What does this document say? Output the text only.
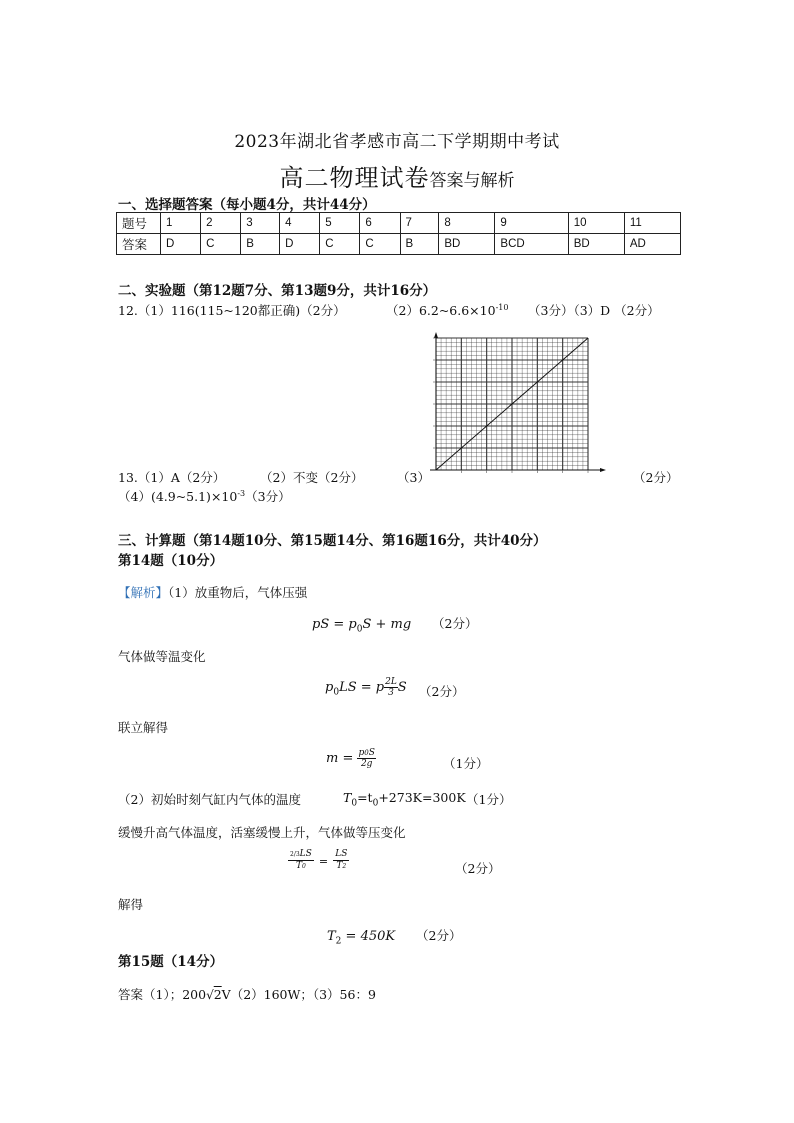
2023年湖北省孝感市高二下学期期中考试
高二物理试卷答案与解析
一、选择题答案（每小题4分，共计44分）
题号	1	2	3	4	5	6	7	8	9	10	11
答案	D	C	B	D	C	C	B	BD	BCD	BD	AD
二、实验题（第12题7分、第13题9分，共计16分）
12.（1）116(115~120都正确)（2分）	$(2)6.2\sim 6.6\times 10^{-10}$ （3分）（3）D （2分）
13.（1）A（2分）	（2）不变（2分）	（3）	（2分）
$(4)(4.9\sim 5.1)\times 10^{-3}(3$分）
三、计算题（第14题10分、第15题14分、第16题16分，共计40分）
第14题（10分）
【解析】（1）放重物后，气体压强
pS = $p_0S$ + mg （2分）
气体做等温变化
$p_0LS = p \frac{2L}{3}$ S （2分）
联立解得
$m = \frac{p0S}{2g}$	（1分）
（2）初始时刻气缸内气体的温度	$T_0=t_0+273K=300K$ （1分）
缓慢升高气体温度，活塞缓慢上升，气体做等压变化
$\frac{2/3LS}{T0} = \frac{LS}{T2}$	（2分）
解得
$T_2 = 450K$ （2分）
第15题（14分）
答案（1）；200√2V（2）160W；（3）56：9
